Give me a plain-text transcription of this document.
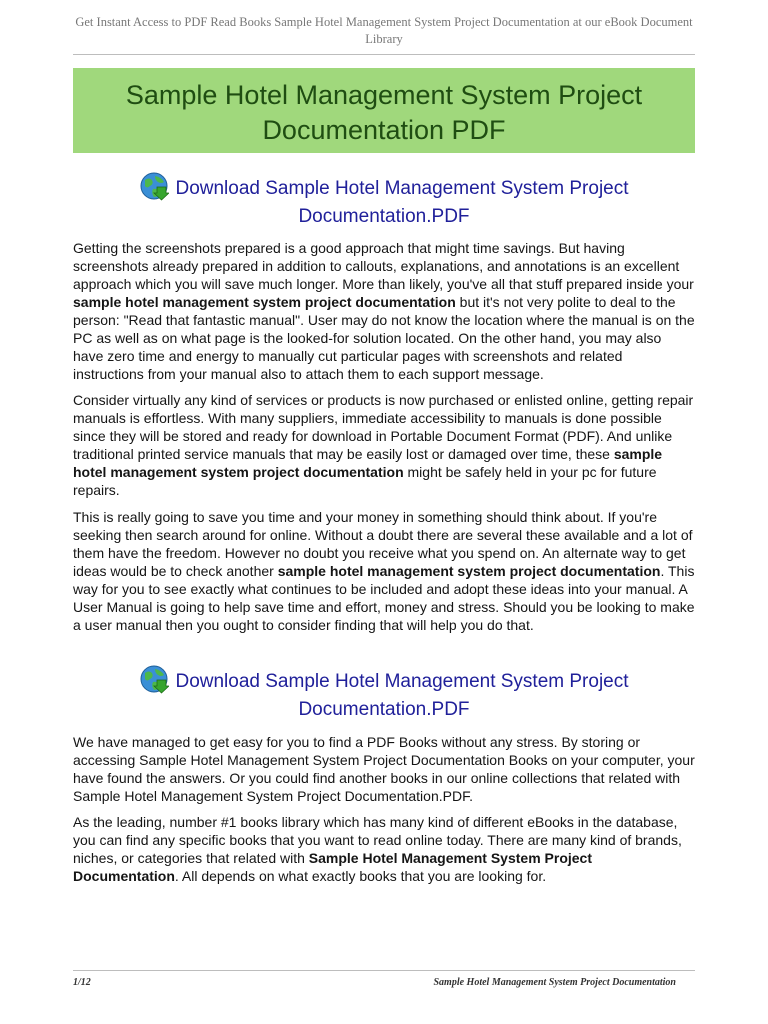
Get Instant Access to PDF Read Books Sample Hotel Management System Project Documentation at our eBook Document Library
Sample Hotel Management System Project
Documentation PDF
Download Sample Hotel Management System Project
Documentation.PDF

Getting the screenshots prepared is a good approach that might time savings. But having screenshots already prepared in addition to callouts, explanations, and annotations is an excellent approach which you will save much longer. More than likely, you've all that stuff prepared inside your sample hotel management system project documentation but it's not very polite to deal to the person: "Read that fantastic manual". User may do not know the location where the manual is on the PC as well as on what page is the looked-for solution located. On the other hand, you may also have zero time and energy to manually cut particular pages with screenshots and related instructions from your manual also to attach them to each support message.

Consider virtually any kind of services or products is now purchased or enlisted online, getting repair manuals is effortless. With many suppliers, immediate accessibility to manuals is done possible since they will be stored and ready for download in Portable Document Format (PDF). And unlike traditional printed service manuals that may be easily lost or damaged over time, these sample hotel management system project documentation might be safely held in your pc for future repairs.

This is really going to save you time and your money in something should think about. If you're seeking then search around for online. Without a doubt there are several these available and a lot of them have the freedom. However no doubt you receive what you spend on. An alternate way to get ideas would be to check another sample hotel management system project documentation. This way for you to see exactly what continues to be included and adopt these ideas into your manual. A User Manual is going to help save time and effort, money and stress. Should you be looking to make a user manual then you ought to consider finding that will help you do that.

Download Sample Hotel Management System Project
Documentation.PDF

We have managed to get easy for you to find a PDF Books without any stress. By storing or accessing Sample Hotel Management System Project Documentation Books on your computer, your have found the answers. Or you could find another books in our online collections that related with Sample Hotel Management System Project Documentation.PDF.

As the leading, number #1 books library which has many kind of different eBooks in the database, you can find any specific books that you want to read online today. There are many kind of brands, niches, or categories that related with Sample Hotel Management System Project Documentation. All depends on what exactly books that you are looking for.

1/12	Sample Hotel Management System Project Documentation
